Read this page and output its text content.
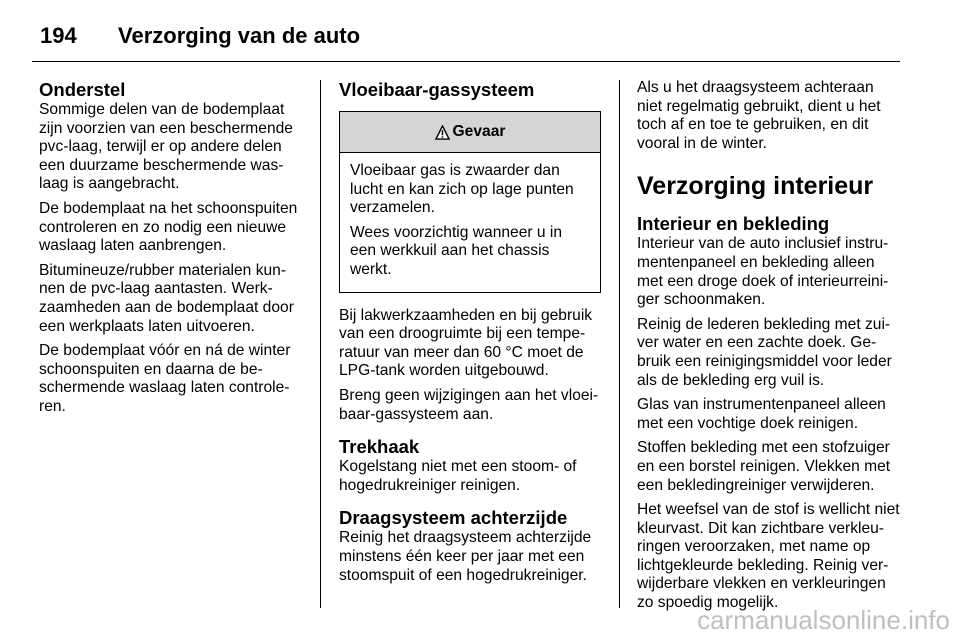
194	Verzorging van de auto
Onderstel

Sommige delen van de bodemplaat
zijn voorzien van een beschermende
pvc-laag, terwijl er op andere delen
een duurzame beschermende was-
laag is aangebracht.

De bodemplaat na het schoonspuiten
controleren en zo nodig een nieuwe
waslaag laten aanbrengen.

Bitumineuze/rubber materialen kun-
nen de pvc-laag aantasten. Werk-
zaamheden aan de bodemplaat door
een werkplaats laten uitvoeren.

De bodemplaat vóór en ná de winter
schoonspuiten en daarna de be-
schermende waslaag laten controle-
ren.

Vloeibaar-gassysteem
Gevaar

Vloeibaar gas is zwaarder dan
lucht en kan zich op lage punten
verzamelen.

Wees voorzichtig wanneer u in
een werkkuil aan het chassis
werkt.

Bij lakwerkzaamheden en bij gebruik
van een droogruimte bij een tempe-
ratuur van meer dan 60 °C moet de
LPG-tank worden uitgebouwd.

Breng geen wijzigingen aan het vloei-
baar-gassysteem aan.

Trekhaak

Kogelstang niet met een stoom- of
hogedrukreiniger reinigen.

Draagsysteem achterzijde

Reinig het draagsysteem achterzijde
minstens één keer per jaar met een
stoomspuit of een hogedrukreiniger.

Als u het draagsysteem achteraan
niet regelmatig gebruikt, dient u het
toch af en toe te gebruiken, en dit
vooral in de winter.

Verzorging interieur
Interieur en bekleding

Interieur van de auto inclusief instru-
mentenpaneel en bekleding alleen
met een droge doek of interieurreini-
ger schoonmaken.

Reinig de lederen bekleding met zui-
ver water en een zachte doek. Ge-
bruik een reinigingsmiddel voor leder
als de bekleding erg vuil is.

Glas van instrumentenpaneel alleen
met een vochtige doek reinigen.

Stoffen bekleding met een stofzuiger
en een borstel reinigen. Vlekken met
een bekledingreiniger verwijderen.

Het weefsel van de stof is wellicht niet
kleurvast. Dit kan zichtbare verkleu-
ringen veroorzaken, met name op
lichtgekleurde bekleding. Reinig ver-
wijderbare vlekken en verkleuringen
zo spoedig mogelijk.

carmanualsonline.info
